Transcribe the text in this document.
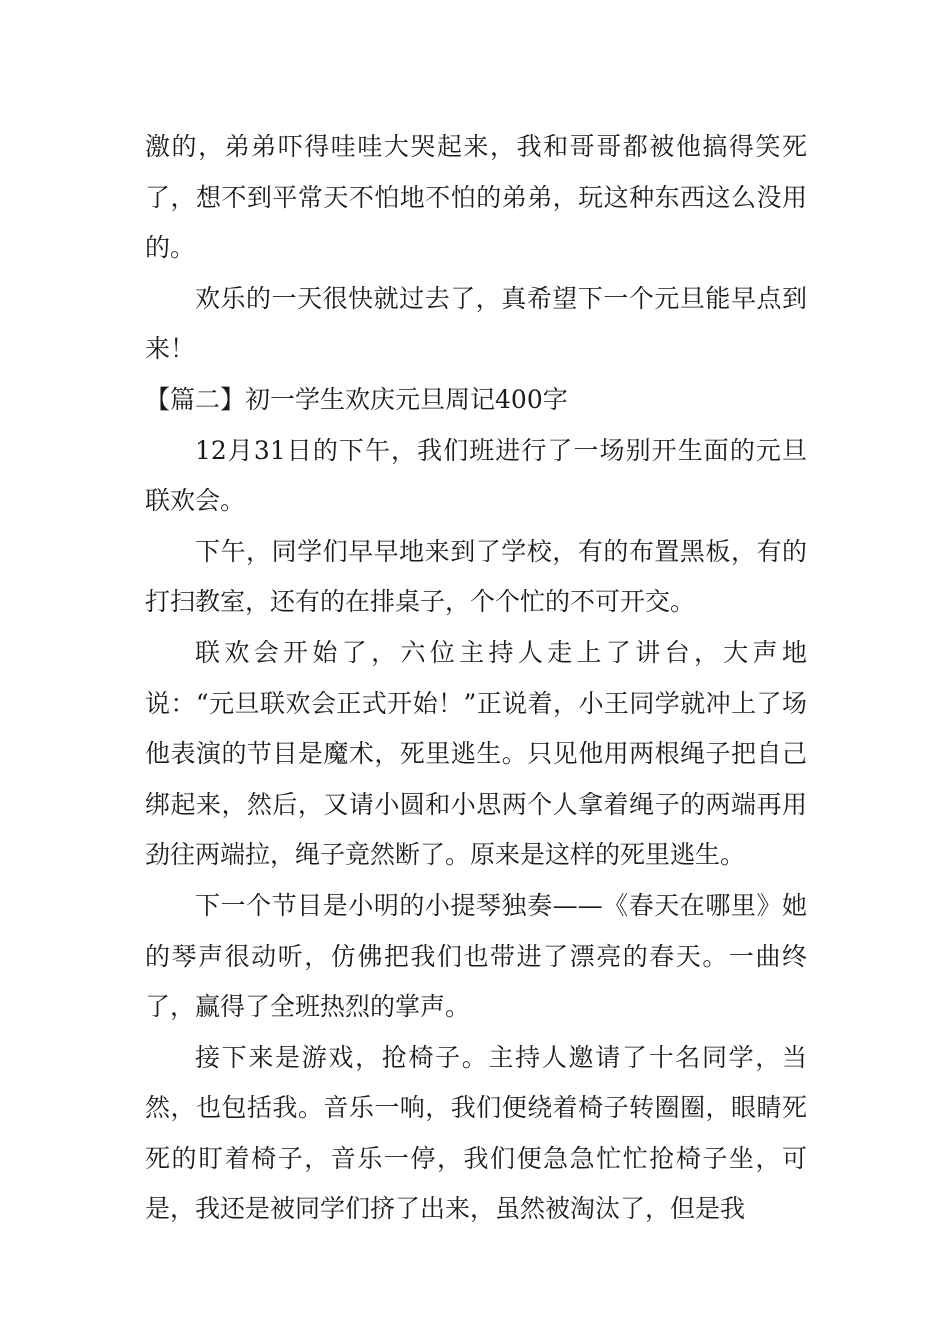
激的，弟弟吓得哇哇大哭起来，我和哥哥都被他搞得笑死了，想不到平常天不怕地不怕的弟弟，玩这种东西这么没用的。

欢乐的一天很快就过去了，真希望下一个元旦能早点到来！

【篇二】初一学生欢庆元旦周记400字

12月31日的下午，我们班进行了一场别开生面的元旦联欢会。

下午，同学们早早地来到了学校，有的布置黑板，有的打扫教室，还有的在排桌子，个个忙的不可开交。

联欢会开始了，六位主持人走上了讲台，大声地说：“元旦联欢会正式开始！”正说着，小王同学就冲上了场他表演的节目是魔术，死里逃生。只见他用两根绳子把自己绑起来，然后，又请小圆和小思两个人拿着绳子的两端再用劲往两端拉，绳子竟然断了。原来是这样的死里逃生。

下一个节目是小明的小提琴独奏——《春天在哪里》她的琴声很动听，仿佛把我们也带进了漂亮的春天。一曲终了，赢得了全班热烈的掌声。

接下来是游戏，抢椅子。主持人邀请了十名同学，当然，也包括我。音乐一响，我们便绕着椅子转圈圈，眼睛死死的盯着椅子，音乐一停，我们便急急忙忙抢椅子坐，可是，我还是被同学们挤了出来，虽然被淘汰了，但是我
